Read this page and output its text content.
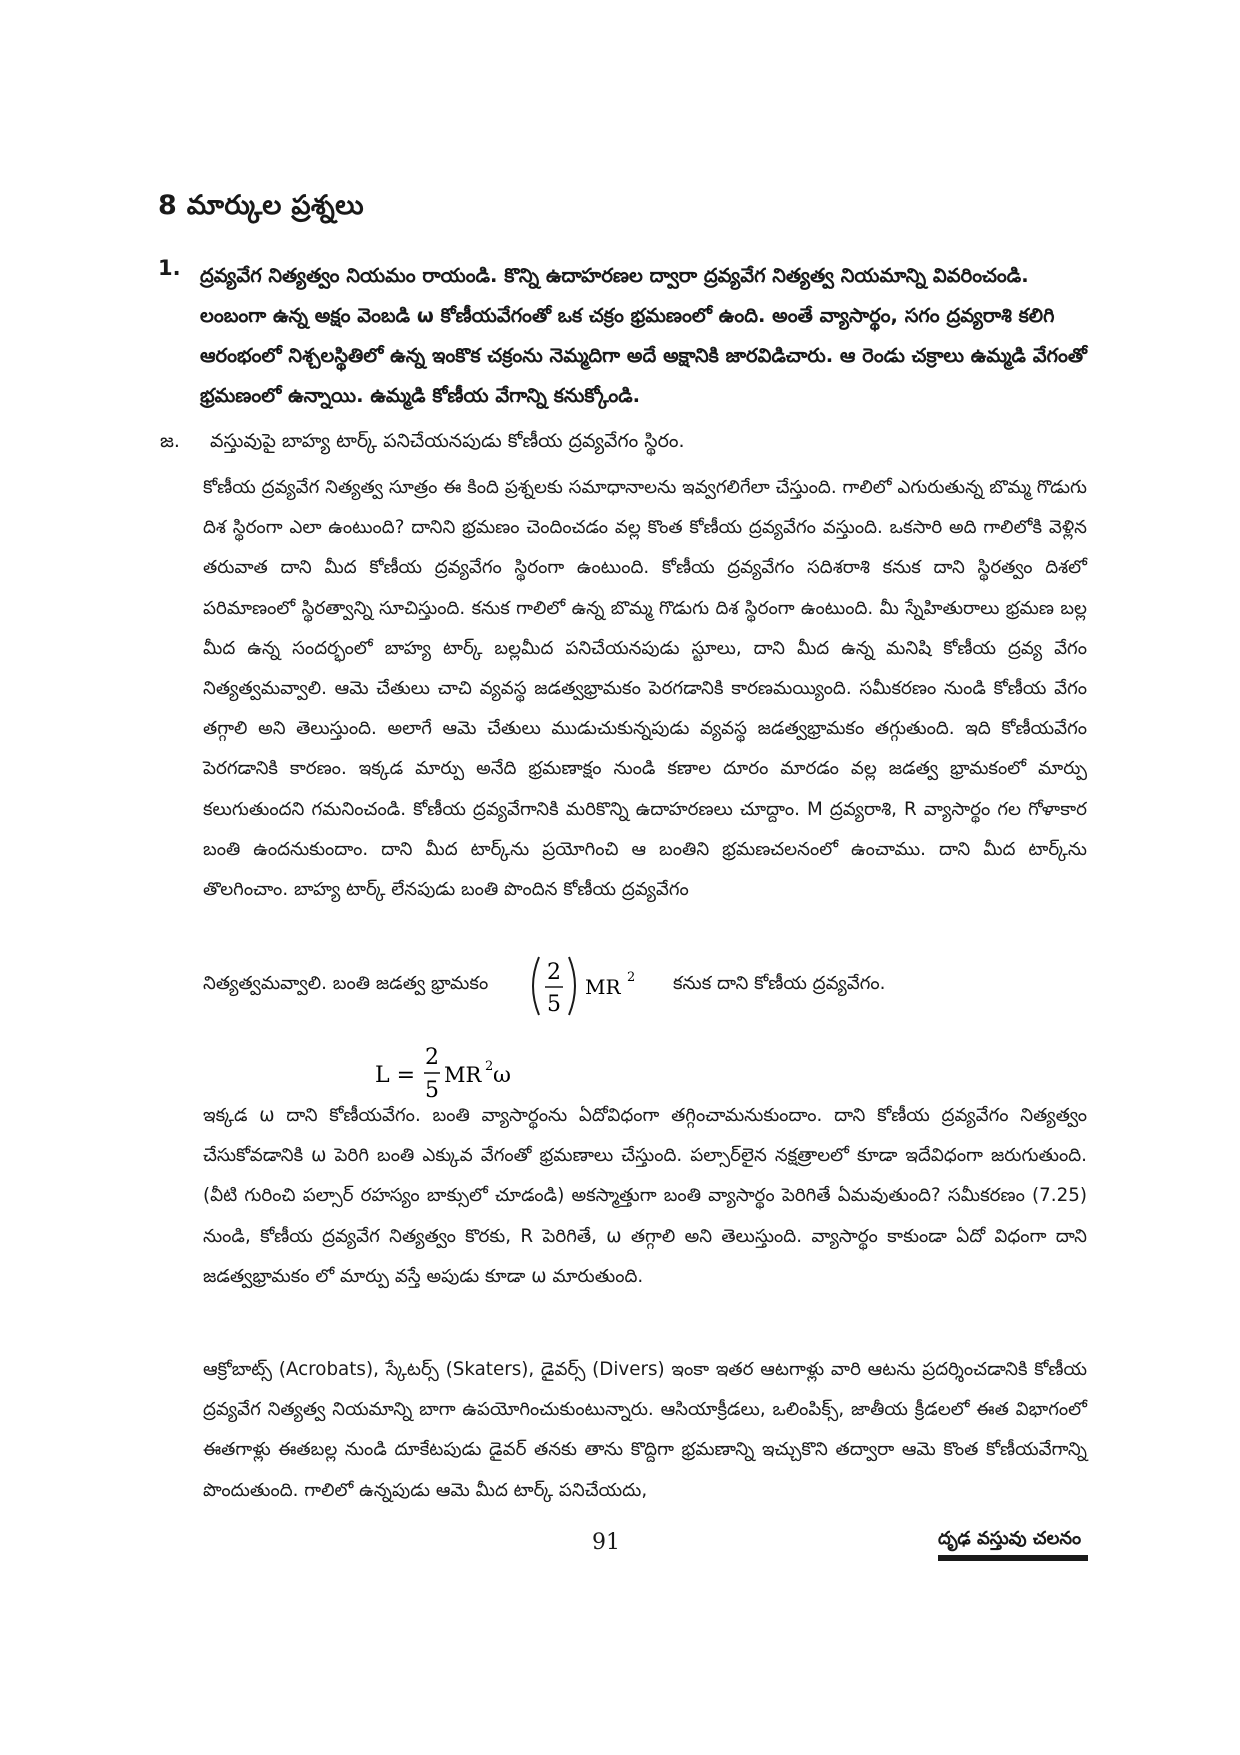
8 మార్కుల ప్రశ్నలు
1. ద్రవ్యవేగ నిత్యత్వం నియమం రాయండి. కొన్ని ఉదాహరణల ద్వారా ద్రవ్యవేగ నిత్యత్వ నియమాన్ని వివరించండి. లంబంగా ఉన్న అక్షం వెంబడి ω కోణీయవేగంతో ఒక చక్రం భ్రమణంలో ఉంది. అంతే వ్యాసార్థం, సగం ద్రవ్యరాశి కలిగి ఆరంభంలో నిశ్చలస్థితిలో ఉన్న ఇంకొక చక్రంను నెమ్మదిగా అదే అక్షానికి జారవిడిచారు. ఆ రెండు చక్రాలు ఉమ్మడి వేగంతో భ్రమణంలో ఉన్నాయి. ఉమ్మడి కోణీయ వేగాన్ని కనుక్కోండి.
జ. వస్తువుపై బాహ్య టార్క్ పనిచేయనపుడు కోణీయ ద్రవ్యవేగం స్థిరం.
కోణీయ ద్రవ్యవేగ నిత్యత్వ సూత్రం ఈ కింది ప్రశ్నలకు సమాధానాలను ఇవ్వగలిగేలా చేస్తుంది. గాలిలో ఎగురుతున్న బొమ్మ గొడుగు దిశ స్థిరంగా ఎలా ఉంటుంది? దానిని భ్రమణం చెందించడం వల్ల కొంత కోణీయ ద్రవ్యవేగం వస్తుంది. ఒకసారి అది గాలిలోకి వెళ్లిన తరువాత దాని మీద కోణీయ ద్రవ్యవేగం స్థిరంగా ఉంటుంది. కోణీయ ద్రవ్యవేగం సదిశరాశి కనుక దాని స్థిరత్వం దిశలో పరిమాణంలో స్థిరత్వాన్ని సూచిస్తుంది. కనుక గాలిలో ఉన్న బొమ్మ గొడుగు దిశ స్థిరంగా ఉంటుంది. మీ స్నేహితురాలు భ్రమణ బల్ల మీద ఉన్న సందర్భంలో బాహ్య టార్క్ బల్లమీద పనిచేయనపుడు స్టూలు, దాని మీద ఉన్న మనిషి కోణీయ ద్రవ్య వేగం నిత్యత్వమవ్వాలి. ఆమె చేతులు చాచి వ్యవస్థ జడత్వభ్రామకం పెరగడానికి కారణమయ్యింది. సమీకరణం నుండి కోణీయ వేగం తగ్గాలి అని తెలుస్తుంది. అలాగే ఆమె చేతులు ముడుచుకున్నపుడు వ్యవస్థ జడత్వభ్రామకం తగ్గుతుంది. ఇది కోణీయవేగం పెరగడానికి కారణం. ఇక్కడ మార్పు అనేది భ్రమణాక్షం నుండి కణాల దూరం మారడం వల్ల జడత్వ భ్రామకంలో మార్పు కలుగుతుందని గమనించండి. కోణీయ ద్రవ్యవేగానికి మరికొన్ని ఉదాహరణలు చూద్దాం. M ద్రవ్యరాశి, R వ్యాసార్థం గల గోళాకార బంతి ఉందనుకుందాం. దాని మీద టార్క్‌ను ప్రయోగించి ఆ బంతిని భ్రమణచలనంలో ఉంచాము. దాని మీద టార్క్‌ను తొలగించాం. బాహ్య టార్క్ లేనపుడు బంతి పొందిన కోణీయ ద్రవ్యవేగం
నిత్యత్వమవ్వాలి. బంతి జడత్వ భ్రామకం	2
5
MR 2 కనుక దాని కోణీయ ద్రవ్యవేగం.
L =
2
5
MR 2 ω
ఇక్కడ ω దాని కోణీయవేగం. బంతి వ్యాసార్థంను ఏదోవిధంగా తగ్గించామనుకుందాం. దాని కోణీయ ద్రవ్యవేగం నిత్యత్వం చేసుకోవడానికి ω పెరిగి బంతి ఎక్కువ వేగంతో భ్రమణాలు చేస్తుంది. పల్సార్‌లైన నక్షత్రాలలో కూడా ఇదేవిధంగా జరుగుతుంది. (వీటి గురించి పల్సార్ రహస్యం బాక్సులో చూడండి) అకస్మాత్తుగా బంతి వ్యాసార్థం పెరిగితే ఏమవుతుంది? సమీకరణం (7.25) నుండి, కోణీయ ద్రవ్యవేగ నిత్యత్వం కొరకు, R పెరిగితే, ω తగ్గాలి అని తెలుస్తుంది. వ్యాసార్థం కాకుండా ఏదో విధంగా దాని జడత్వభ్రామకం లో మార్పు వస్తే అపుడు కూడా ω మారుతుంది.
ఆక్రోబాట్స్ (Acrobats), స్కేటర్స్ (Skaters), డైవర్స్ (Divers) ఇంకా ఇతర ఆటగాళ్లు వారి ఆటను ప్రదర్శించడానికి కోణీయ ద్రవ్యవేగ నిత్యత్వ నియమాన్ని బాగా ఉపయోగించుకుంటున్నారు. ఆసియాక్రీడలు, ఒలింపిక్స్, జాతీయ క్రీడలలో ఈత విభాగంలో ఈతగాళ్లు ఈతబల్ల నుండి దూకేటపుడు డైవర్ తనకు తాను కొద్దిగా భ్రమణాన్ని ఇచ్చుకొని తద్వారా ఆమె కొంత కోణీయవేగాన్ని పొందుతుంది. గాలిలో ఉన్నపుడు ఆమె మీద టార్క్ పనిచేయదు,
91	దృఢ వస్తువు చలనం
